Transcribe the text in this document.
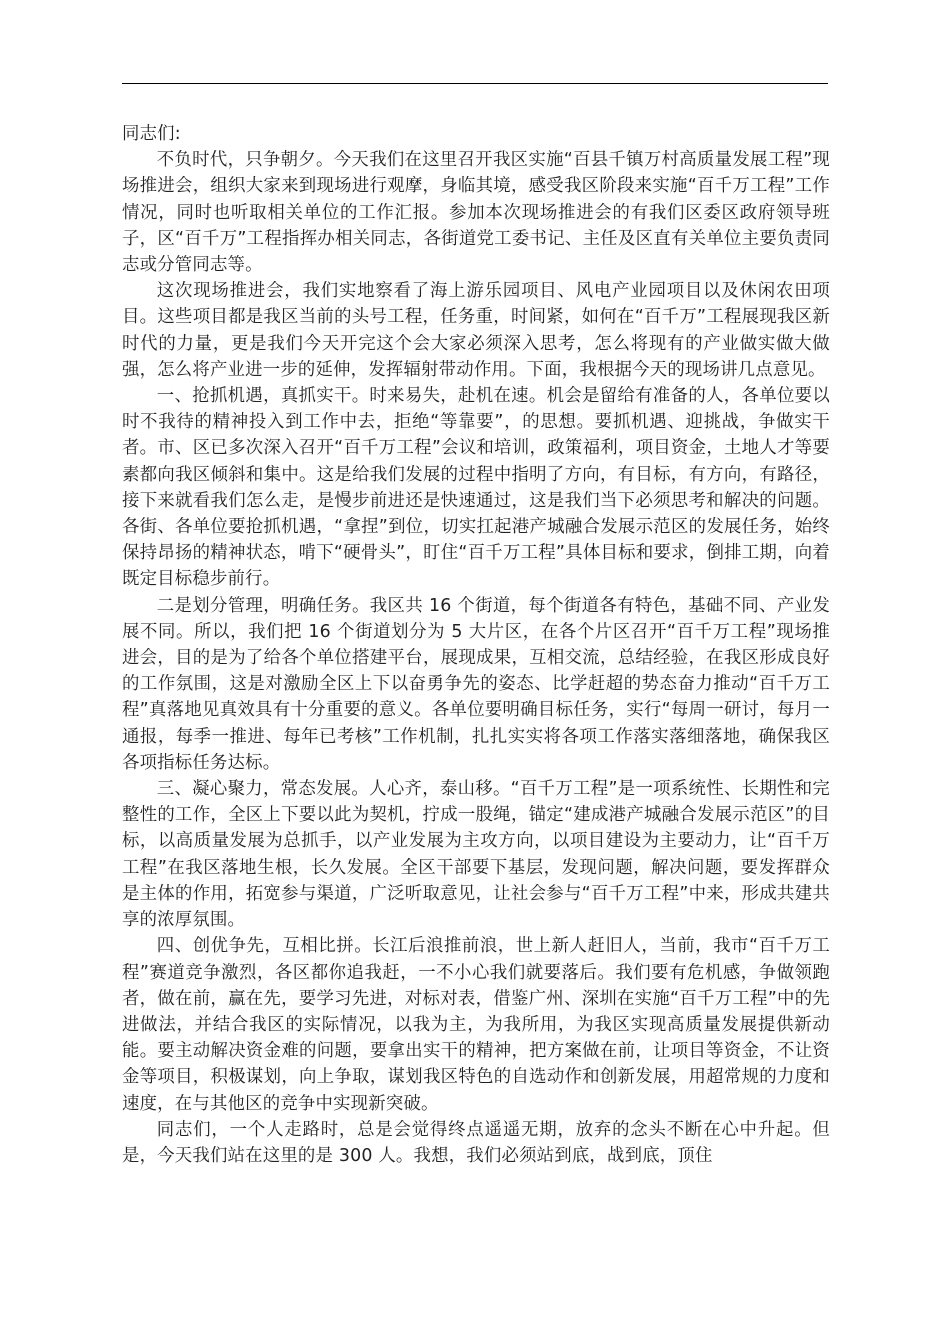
同志们:

不负时代，只争朝夕。今天我们在这里召开我区实施“百县千镇万村高质量发展工程”现场推进会，组织大家来到现场进行观摩，身临其境，感受我区阶段来实施“百千万工程”工作情况，同时也听取相关单位的工作汇报。参加本次现场推进会的有我们区委区政府领导班子，区“百千万”工程指挥办相关同志，各街道党工委书记、主任及区直有关单位主要负责同志或分管同志等。

这次现场推进会，我们实地察看了海上游乐园项目、风电产业园项目以及休闲农田项目。这些项目都是我区当前的头号工程，任务重，时间紧，如何在“百千万”工程展现我区新时代的力量，更是我们今天开完这个会大家必须深入思考，怎么将现有的产业做实做大做强，怎么将产业进一步的延伸，发挥辐射带动作用。下面，我根据今天的现场讲几点意见。

一、抢抓机遇，真抓实干。时来易失，赴机在速。机会是留给有准备的人，各单位要以时不我待的精神投入到工作中去，拒绝“等靠要”，的思想。要抓机遇、迎挑战，争做实干者。市、区已多次深入召开“百千万工程”会议和培训，政策福利，项目资金，土地人才等要素都向我区倾斜和集中。这是给我们发展的过程中指明了方向，有目标，有方向，有路径，接下来就看我们怎么走，是慢步前进还是快速通过，这是我们当下必须思考和解决的问题。各街、各单位要抢抓机遇，“拿捏”到位，切实扛起港产城融合发展示范区的发展任务，始终保持昂扬的精神状态，啃下“硬骨头”，盯住“百千万工程”具体目标和要求，倒排工期，向着既定目标稳步前行。

二是划分管理，明确任务。我区共 16 个街道，每个街道各有特色，基础不同、产业发展不同。所以，我们把 16 个街道划分为 5 大片区，在各个片区召开“百千万工程”现场推进会，目的是为了给各个单位搭建平台，展现成果，互相交流，总结经验，在我区形成良好的工作氛围，这是对激励全区上下以奋勇争先的姿态、比学赶超的势态奋力推动“百千万工程”真落地见真效具有十分重要的意义。各单位要明确目标任务，实行“每周一研讨，每月一通报，每季一推进、每年已考核”工作机制，扎扎实实将各项工作落实落细落地，确保我区各项指标任务达标。

三、凝心聚力，常态发展。人心齐，泰山移。“百千万工程”是一项系统性、长期性和完整性的工作，全区上下要以此为契机，拧成一股绳，锚定“建成港产城融合发展示范区”的目标，以高质量发展为总抓手，以产业发展为主攻方向，以项目建设为主要动力，让“百千万工程”在我区落地生根，长久发展。全区干部要下基层，发现问题，解决问题，要发挥群众是主体的作用，拓宽参与渠道，广泛听取意见，让社会参与“百千万工程”中来，形成共建共享的浓厚氛围。

四、创优争先，互相比拼。长江后浪推前浪，世上新人赶旧人，当前，我市“百千万工程”赛道竞争激烈，各区都你追我赶，一不小心我们就要落后。我们要有危机感，争做领跑者，做在前，赢在先，要学习先进，对标对表，借鉴广州、深圳在实施“百千万工程”中的先进做法，并结合我区的实际情况，以我为主，为我所用，为我区实现高质量发展提供新动能。要主动解决资金难的问题，要拿出实干的精神，把方案做在前，让项目等资金，不让资金等项目，积极谋划，向上争取，谋划我区特色的自选动作和创新发展，用超常规的力度和速度，在与其他区的竞争中实现新突破。

同志们，一个人走路时，总是会觉得终点遥遥无期，放弃的念头不断在心中升起。但是，今天我们站在这里的是 300 人。我想，我们必须站到底，战到底，顶住
